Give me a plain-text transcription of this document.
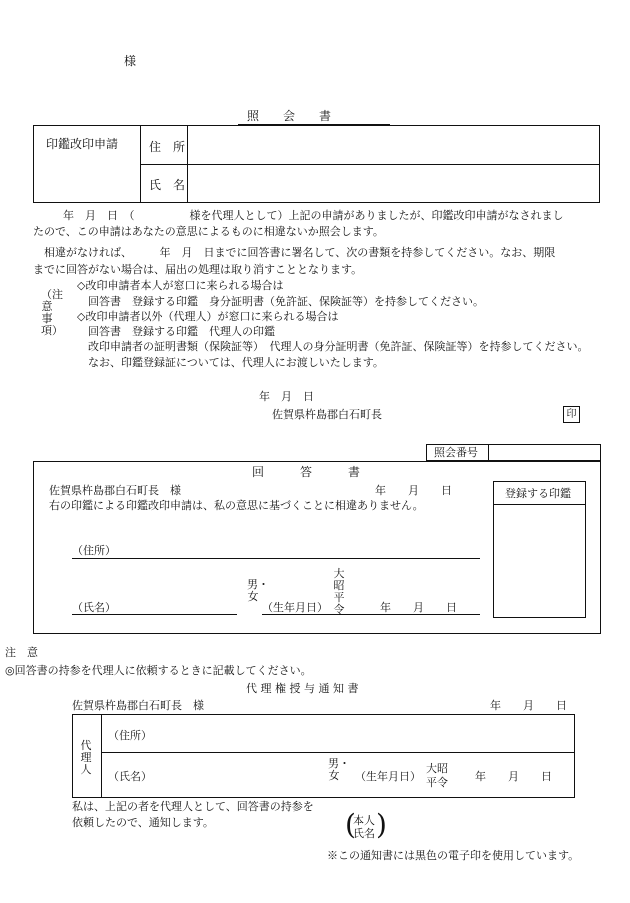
様
照　　会　　書
印鑑改印申請	住　所
氏　名
　年　月　日　（　　　　　様を代理人として）上記の申請がありましたが、印鑑改印申請がなされまし
たので、この申請はあなたの意思によるものに相違ないか照会します。
　相違がなければ、　　　年　月　日までに回答書に署名して、次の書類を持参してください。なお、期限
までに回答がない場合は、届出の処理は取り消すこととなります。
（注意事項）
◇改印申請者本人が窓口に来られる場合は
回答書　登録する印鑑　身分証明書（免許証、保険証等）を持参してください。
◇改印申請者以外（代理人）が窓口に来られる場合は
回答書　登録する印鑑　代理人の印鑑
改印申請者の証明書類（保険証等）　代理人の身分証明書（免許証、保険証等）を持参してください。
なお、印鑑登録証については、代理人にお渡しいたします。
年　月　日
佐賀県杵島郡白石町長	印
照会番号
回　　　答　　　書
佐賀県杵島郡白石町長　様	年　　月　　日
右の印鑑による印鑑改印申請は、私の意思に基づくことに相違ありません。
登録する印鑑
（住所）
男・女
大昭平令
（氏名）	（生年月日）	年　　月　　日
注　意
◎回答書の持参を代理人に依頼するときに記載してください。
代 理 権 授 与 通 知 書
佐賀県杵島郡白石町長　様	年　　月　　日
代理人
（住所）
（氏名）
男・女 （生年月日）
大昭
平令 年　　月　　日
私は、上記の者を代理人として、回答書の持参を
依頼したので、通知します。	(
本人
氏名 )
※この通知書には黒色の電子印を使用しています。
